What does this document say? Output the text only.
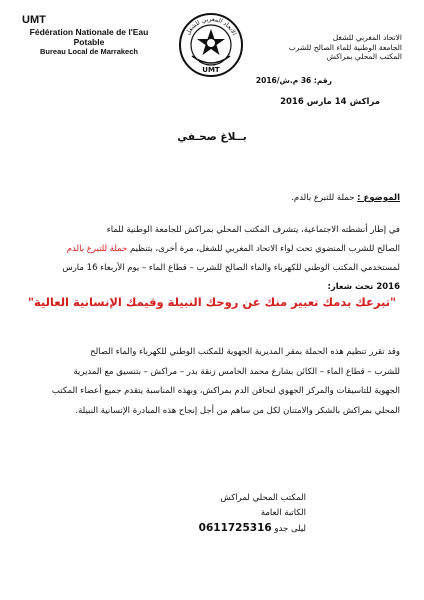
UMT
Fédération Nationale de l'Eau Potable
Bureau Local de Marrakech
الاتحاد المغربي للشغل
UMT
الاتحاد المغربي للشغل
الجامعة الوطنية للماء الصالح للشرب
المكتب المحلي بمراكش
رقم: 36 م.ش/2016
مراكش 14 مارس 2016
بــلاغ صحـفي
الموضوع : حملة للتبرع بالدم.
في إطار أنشطته الاجتماعية، يتشرف المكتب المحلي بمراكش للجامعة الوطنية للماء
الصالح للشرب المنضوي تحت لواء الاتحاد المغربي للشغل، مرة أخرى، بتنظيم حملة للتبرع بالدم
لمستخدمي المكتب الوطني للكهرباء والماء الصالح للشرب – قطاع الماء – يوم الأربعاء 16 مارس
2016 تحت شعار:
"تبرعك بدمك تعبير منك عن روحك النبيلة وقيمك الإنسانية العالية"
وقد تقرر تنظيم هذه الحملة بمقر المديرية الجهوية للمكتب الوطني للكهرباء والماء الصالح
للشرب – قطاع الماء – الكائن بشارع محمد الخامس زنقة بدر – مراكش – بتنسيق مع المديرية
الجهوية للتاسيقات والمركز الجهوي لتحاقن الدم بمراكش، وبهذه المناسبة يتقدم جميع أعضاء المكتب
المحلي بمراكش بالشكر والامتنان لكل من ساهم من أجل إنجاح هذه المبادرة الإنسانية النبيلة.
المكتب المحلي لمراكش
الكاتبة العامة
ليلى جدو 0611725316
